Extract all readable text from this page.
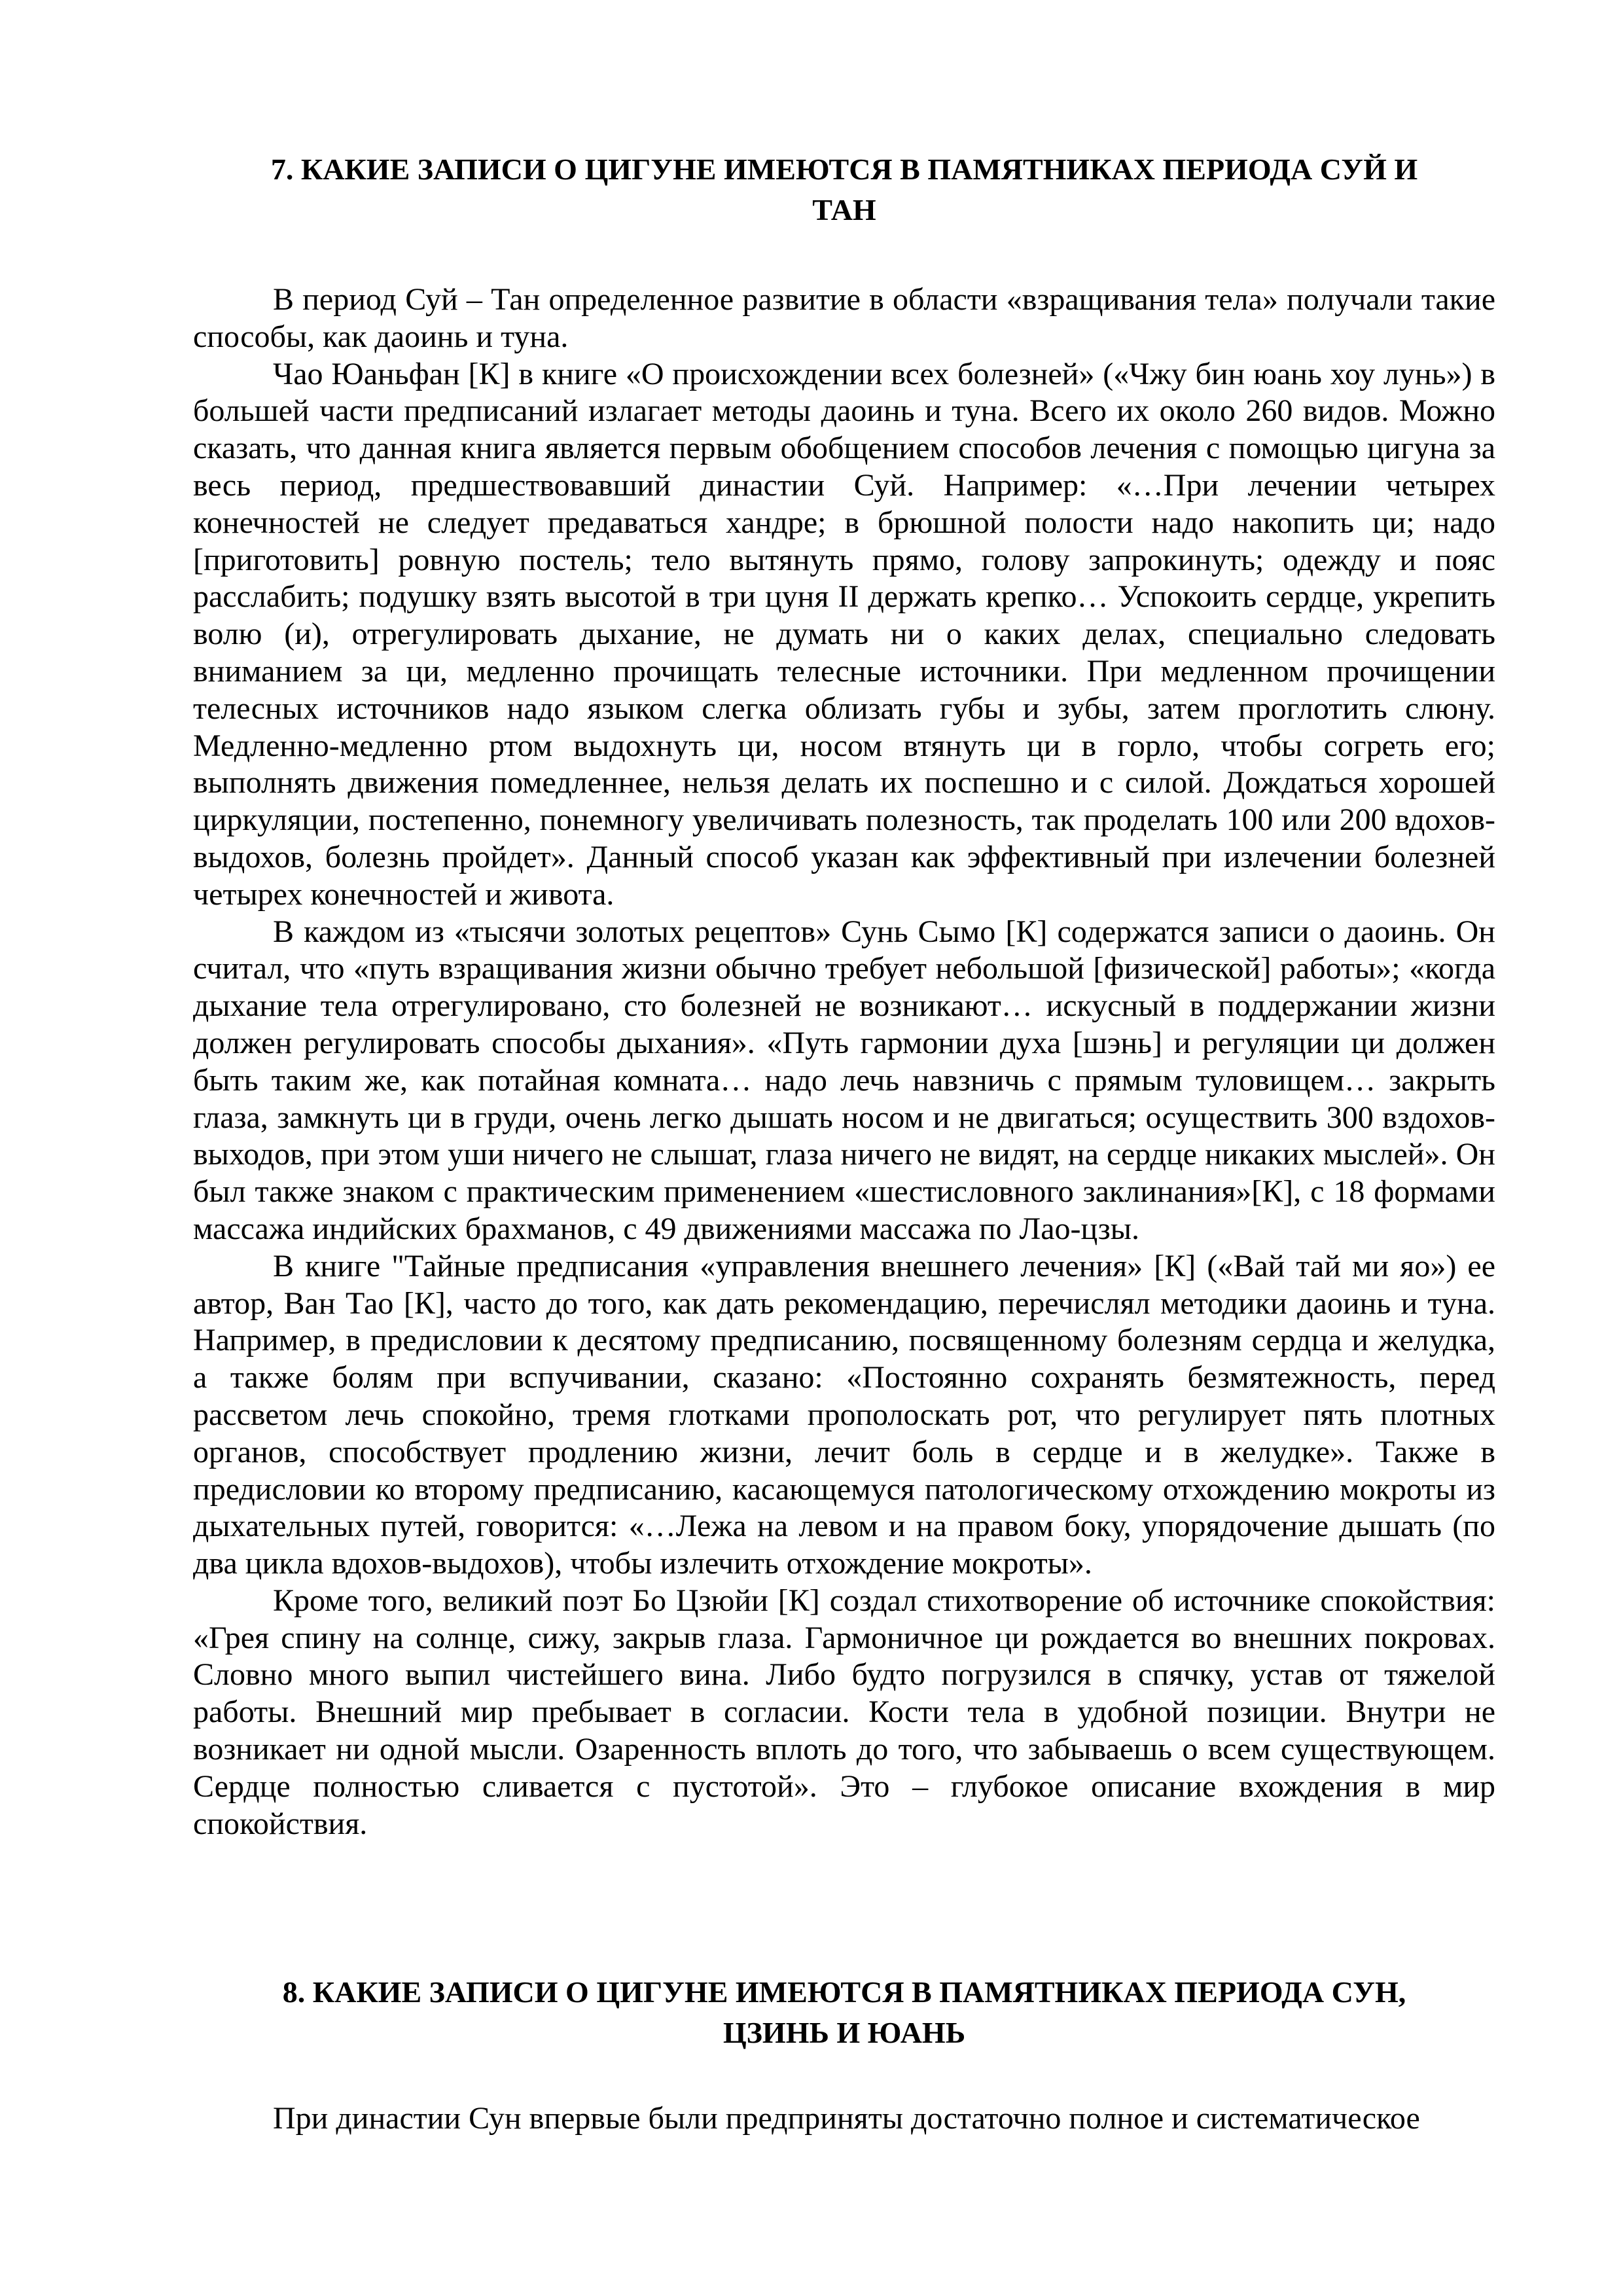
7. КАКИЕ ЗАПИСИ О ЦИГУНЕ ИМЕЮТСЯ В ПАМЯТНИКАХ ПЕРИОДА СУЙ И
ТАН

В период Суй – Тан определенное развитие в области «взращивания тела» получали такие способы, как даоинь и туна.

Чао Юаньфан [К] в книге «О происхождении всех болезней» («Чжу бин юань хоу лунь») в большей части предписаний излагает методы даоинь и туна. Всего их около 260 видов. Можно сказать, что данная книга является первым обобщением способов лечения с помощью цигуна за весь период, предшествовавший династии Суй. Например: «…При лечении четырех конечностей не следует предаваться хандре; в брюшной полости надо накопить ци; надо [приготовить] ровную постель; тело вытянуть прямо, голову запрокинуть; одежду и пояс расслабить; подушку взять высотой в три цуня II держать крепко… Успокоить сердце, укрепить волю (и), отрегулировать дыхание, не думать ни о каких делах, специально следовать вниманием за ци, медленно прочищать телесные источники. При медленном прочищении телесных источников надо языком слегка облизать губы и зубы, затем проглотить слюну. Медленно-медленно ртом выдохнуть ци, носом втянуть ци в горло, чтобы согреть его; выполнять движения помедленнее, нельзя делать их поспешно и с силой. Дождаться хорошей циркуляции, постепенно, понемногу увеличивать полезность, так проделать 100 или 200 вдохов-выдохов, болезнь пройдет». Данный способ указан как эффективный при излечении болезней четырех конечностей и живота.

В каждом из «тысячи золотых рецептов» Сунь Сымо [К] содержатся записи о даоинь. Он считал, что «путь взращивания жизни обычно требует небольшой [физической] работы»; «когда дыхание тела отрегулировано, сто болезней не возникают… искусный в поддержании жизни должен регулировать способы дыхания». «Путь гармонии духа [шэнь] и регуляции ци должен быть таким же, как потайная комната… надо лечь навзничь с прямым туловищем… закрыть глаза, замкнуть ци в груди, очень легко дышать носом и не двигаться; осуществить 300 вздохов-выходов, при этом уши ничего не слышат, глаза ничего не видят, на сердце никаких мыслей». Он был также знаком с практическим применением «шестисловного заклинания»[К], с 18 формами массажа индийских брахманов, с 49 движениями массажа по Лао-цзы.

В книге "Тайные предписания «управления внешнего лечения» [К] («Вай тай ми яо») ее автор, Ван Тао [К], часто до того, как дать рекомендацию, перечислял методики даоинь и туна. Например, в предисловии к десятому предписанию, посвященному болезням сердца и желудка, а также болям при вспучивании, сказано: «Постоянно сохранять безмятежность, перед рассветом лечь спокойно, тремя глотками прополоскать рот, что регулирует пять плотных органов, способствует продлению жизни, лечит боль в сердце и в желудке». Также в предисловии ко второму предписанию, касающемуся патологическому отхождению мокроты из дыхательных путей, говорится: «…Лежа на левом и на правом боку, упорядочение дышать (по два цикла вдохов-выдохов), чтобы излечить отхождение мокроты».

Кроме того, великий поэт Бо Цзюйи [К] создал стихотворение об источнике спокойствия: «Грея спину на солнце, сижу, закрыв глаза. Гармоничное ци рождается во внешних покровах. Словно много выпил чистейшего вина. Либо будто погрузился в спячку, устав от тяжелой работы. Внешний мир пребывает в согласии. Кости тела в удобной позиции. Внутри не возникает ни одной мысли. Озаренность вплоть до того, что забываешь о всем существующем. Сердце полностью сливается с пустотой». Это – глубокое описание вхождения в мир спокойствия.

8. КАКИЕ ЗАПИСИ О ЦИГУНЕ ИМЕЮТСЯ В ПАМЯТНИКАХ ПЕРИОДА СУН,
ЦЗИНЬ И ЮАНЬ

При династии Сун впервые были предприняты достаточно полное и систематическое
